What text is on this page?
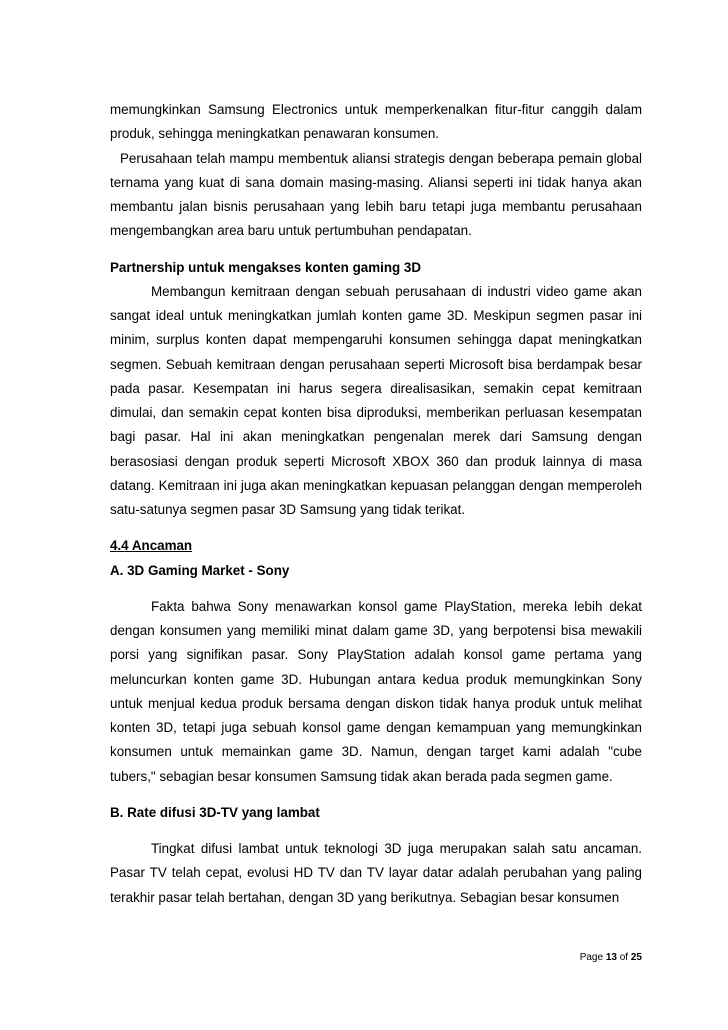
memungkinkan Samsung Electronics untuk memperkenalkan fitur-fitur canggih dalam produk, sehingga meningkatkan penawaran konsumen.

Perusahaan telah mampu membentuk aliansi strategis dengan beberapa pemain global ternama yang kuat di sana domain masing-masing. Aliansi seperti ini tidak hanya akan membantu jalan bisnis perusahaan yang lebih baru tetapi juga membantu perusahaan mengembangkan area baru untuk pertumbuhan pendapatan.

Partnership untuk mengakses konten gaming 3D

Membangun kemitraan dengan sebuah perusahaan di industri video game akan sangat ideal untuk meningkatkan jumlah konten game 3D. Meskipun segmen pasar ini minim, surplus konten dapat mempengaruhi konsumen sehingga dapat meningkatkan segmen. Sebuah kemitraan dengan perusahaan seperti Microsoft bisa berdampak besar pada pasar. Kesempatan ini harus segera direalisasikan, semakin cepat kemitraan dimulai, dan semakin cepat konten bisa diproduksi, memberikan perluasan kesempatan bagi pasar. Hal ini akan meningkatkan pengenalan merek dari Samsung dengan berasosiasi dengan produk seperti Microsoft XBOX 360 dan produk lainnya di masa datang. Kemitraan ini juga akan meningkatkan kepuasan pelanggan dengan memperoleh satu-satunya segmen pasar 3D Samsung yang tidak terikat.

4.4 Ancaman

A. 3D Gaming Market - Sony

Fakta bahwa Sony menawarkan konsol game PlayStation, mereka lebih dekat dengan konsumen yang memiliki minat dalam game 3D, yang berpotensi bisa mewakili porsi yang signifikan pasar. Sony PlayStation adalah konsol game pertama yang meluncurkan konten game 3D. Hubungan antara kedua produk memungkinkan Sony untuk menjual kedua produk bersama dengan diskon tidak hanya produk untuk melihat konten 3D, tetapi juga sebuah konsol game dengan kemampuan yang memungkinkan konsumen untuk memainkan game 3D. Namun, dengan target kami adalah "cube tubers," sebagian besar konsumen Samsung tidak akan berada pada segmen game.

B. Rate difusi 3D-TV yang lambat

Tingkat difusi lambat untuk teknologi 3D juga merupakan salah satu ancaman. Pasar TV telah cepat, evolusi HD TV dan TV layar datar adalah perubahan yang paling terakhir pasar telah bertahan, dengan 3D yang berikutnya. Sebagian besar konsumen

Page 13 of 25
